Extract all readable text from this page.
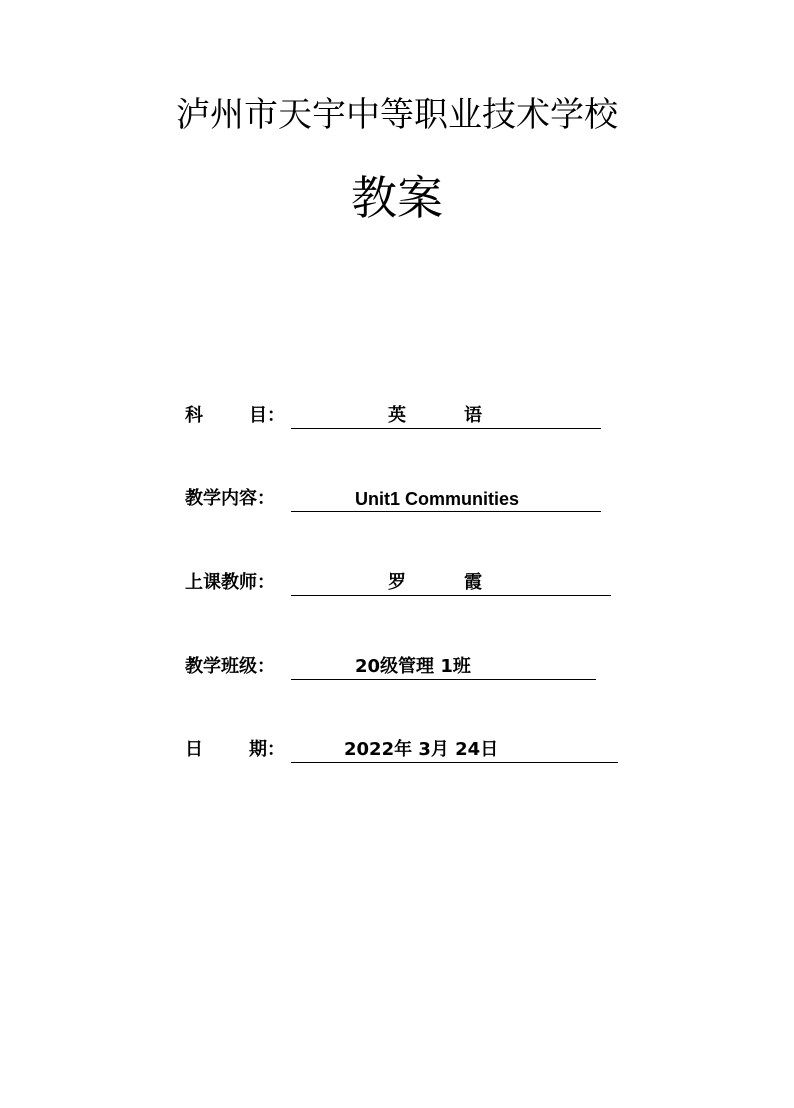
泸州市天宇中等职业技术学校
教案
科	目：	英	语
教学内容：	Unit1 Communities
上课教师：	罗	霞
教学班级：	20级管理 1班
日	期：	2022年 3月 24日
